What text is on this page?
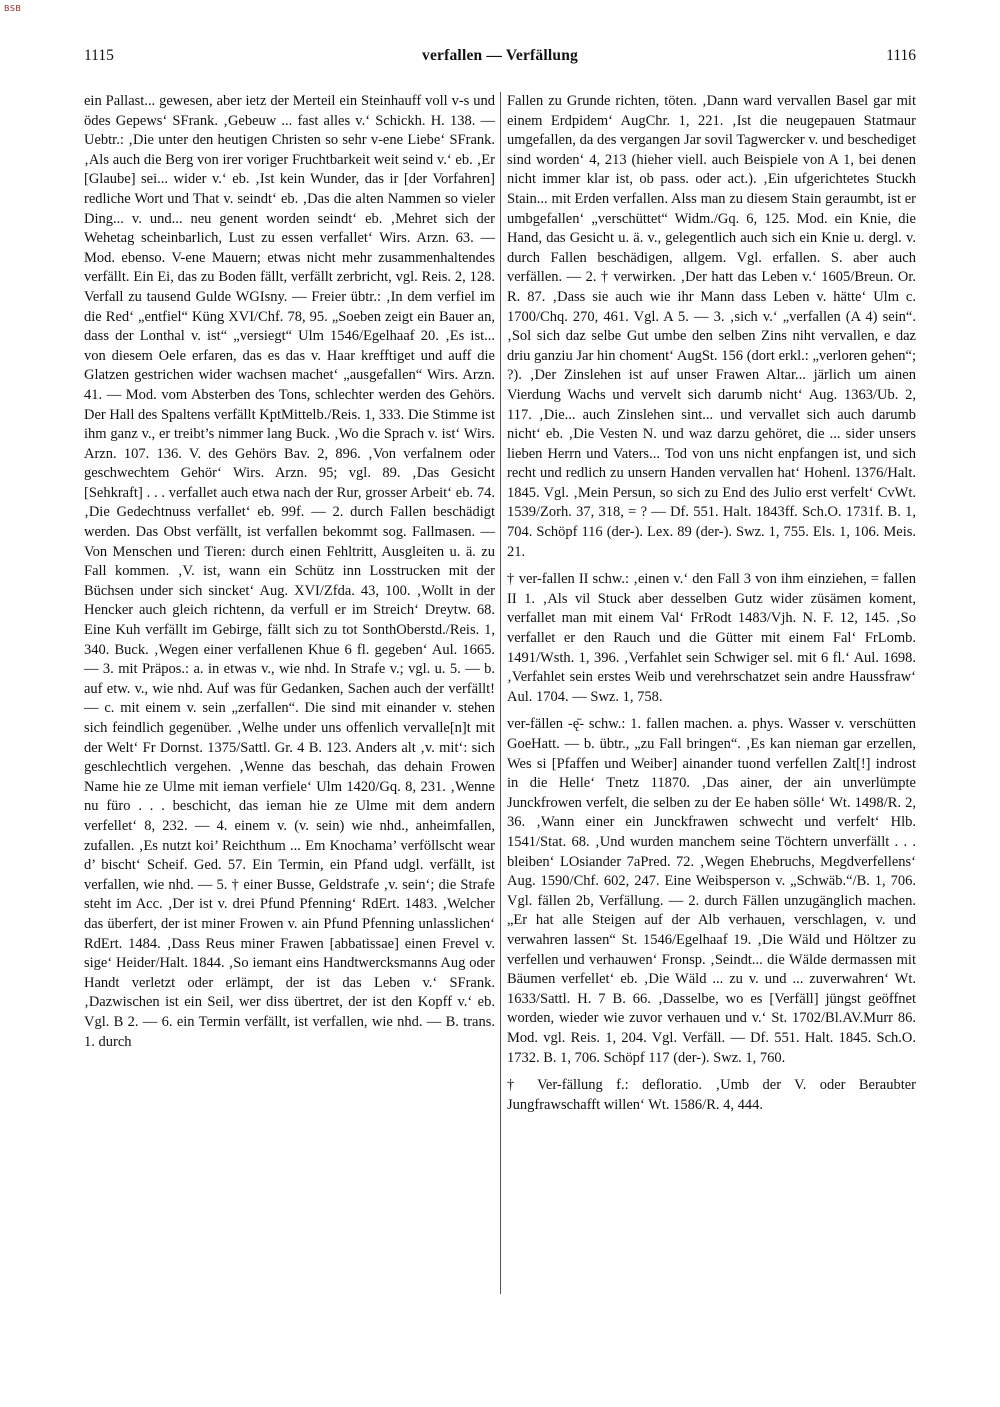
BSB
1115	verfallen — Verfällung	1116

ein Pallast... gewesen, aber ietz der Merteil ein Steinhauff voll v-s und ödes Gepews‘ SFrank. ‚Gebeuw ... fast alles v.‘ Schickh. H. 138. — Uebtr.: ‚Die unter den heutigen Christen so sehr v-ene Liebe‘ SFrank. ‚Als auch die Berg von irer voriger Fruchtbarkeit weit seind v.‘ eb. ‚Er [Glaube] sei... wider v.‘ eb. ‚Ist kein Wunder, das ir [der Vorfahren] redliche Wort und That v. seindt‘ eb. ‚Das die alten Nammen so vieler Ding... v. und... neu genent worden seindt‘ eb. ‚Mehret sich der Wehetag scheinbarlich, Lust zu essen verfallet‘ Wirs. Arzn. 63. — Mod. ebenso. V-ene Mauern; etwas nicht mehr zusammenhaltendes verfällt. Ein Ei, das zu Boden fällt, verfällt zerbricht, vgl. Reis. 2, 128. Verfall zu tausend Gulde WGIsny. — Freier übtr.: ‚In dem verfiel im die Red‘ „entfiel“ Küng XVI/Chf. 78, 95. „Soeben zeigt ein Bauer an, dass der Lonthal v. ist“ „versiegt“ Ulm 1546/Egelhaaf 20. ‚Es ist... von diesem Oele erfaren, das es das v. Haar krefftiget und auff die Glatzen gestrichen wider wachsen machet‘ „ausgefallen“ Wirs. Arzn. 41. — Mod. vom Absterben des Tons, schlechter werden des Gehörs. Der Hall des Spaltens verfällt KptMittelb./Reis. 1, 333. Die Stimme ist ihm ganz v., er treibt’s nimmer lang Buck. ‚Wo die Sprach v. ist‘ Wirs. Arzn. 107. 136. V. des Gehörs Bav. 2, 896. ‚Von verfalnem oder geschwechtem Gehör‘ Wirs. Arzn. 95; vgl. 89. ‚Das Gesicht [Sehkraft] . . . verfallet auch etwa nach der Rur, grosser Arbeit‘ eb. 74. ‚Die Gedechtnuss verfallet‘ eb. 99f. — 2. durch Fallen beschädigt werden. Das Obst verfällt, ist verfallen bekommt sog. Fallmasen. — Von Menschen und Tieren: durch einen Fehltritt, Ausgleiten u. ä. zu Fall kommen. ‚V. ist, wann ein Schütz inn Losstrucken mit der Büchsen under sich sincket‘ Aug. XVI/Zfda. 43, 100. ‚Wollt in der Hencker auch gleich richtenn, da verfull er im Streich‘ Dreytw. 68. Eine Kuh verfällt im Gebirge, fällt sich zu tot SonthOberstd./Reis. 1, 340. Buck. ‚Wegen einer verfallenen Khue 6 fl. gegeben‘ Aul. 1665. — 3. mit Präpos.: a. in etwas v., wie nhd. In Strafe v.; vgl. u. 5. — b. auf etw. v., wie nhd. Auf was für Gedanken, Sachen auch der verfällt! — c. mit einem v. sein „zerfallen“. Die sind mit einander v. stehen sich feindlich gegenüber. ‚Welhe under uns offenlich vervalle[n]t mit der Welt‘ Fr Dornst. 1375/Sattl. Gr. 4 B. 123. Anders alt ‚v. mit‘: sich geschlechtlich vergehen. ‚Wenne das beschah, das dehain Frowen Name hie ze Ulme mit ieman verfiele‘ Ulm 1420/Gq. 8, 231. ‚Wenne nu füro . . . beschicht, das ieman hie ze Ulme mit dem andern verfellet‘ 8, 232. — 4. einem v. (v. sein) wie nhd., anheimfallen, zufallen. ‚Es nutzt koi’ Reichthum ... Em Knochama’ verföllscht wear d’ bischt‘ Scheif. Ged. 57. Ein Termin, ein Pfand udgl. verfällt, ist verfallen, wie nhd. — 5. † einer Busse, Geldstrafe ‚v. sein‘; die Strafe steht im Acc. ‚Der ist v. drei Pfund Pfenning‘ RdErt. 1483. ‚Welcher das überfert, der ist miner Frowen v. ain Pfund Pfenning unlasslichen‘ RdErt. 1484. ‚Dass Reus miner Frawen [abbatissae] einen Frevel v. sige‘ Heider/Halt. 1844. ‚So iemant eins Handtwercksmanns Aug oder Handt verletzt oder erlämpt, der ist das Leben v.‘ SFrank. ‚Dazwischen ist ein Seil, wer diss übertret, der ist den Kopff v.‘ eb. Vgl. B 2. — 6. ein Termin verfällt, ist verfallen, wie nhd. — B. trans. 1. durch

Fallen zu Grunde richten, töten. ‚Dann ward vervallen Basel gar mit einem Erdpidem‘ AugChr. 1, 221. ‚Ist die neugepauen Statmaur umgefallen, da des vergangen Jar sovil Tagwercker v. und beschediget sind worden‘ 4, 213 (hieher viell. auch Beispiele von A 1, bei denen nicht immer klar ist, ob pass. oder act.). ‚Ein ufgerichtetes Stuckh Stain... mit Erden verfallen. Alss man zu diesem Stain geraumbt, ist er umbgefallen‘ „verschüttet“ Widm./Gq. 6, 125. Mod. ein Knie, die Hand, das Gesicht u. ä. v., gelegentlich auch sich ein Knie u. dergl. v. durch Fallen beschädigen, allgem. Vgl. erfallen. S. aber auch verfällen. — 2. † verwirken. ‚Der hatt das Leben v.‘ 1605/Breun. Or. R. 87. ‚Dass sie auch wie ihr Mann dass Leben v. hätte‘ Ulm c. 1700/Chq. 270, 461. Vgl. A 5. — 3. ‚sich v.‘ „verfallen (A 4) sein“. ‚Sol sich daz selbe Gut umbe den selben Zins niht vervallen, e daz driu ganziu Jar hin choment‘ AugSt. 156 (dort erkl.: „verloren gehen“; ?). ‚Der Zinslehen ist auf unser Frawen Altar... järlich um ainen Vierdung Wachs und vervelt sich darumb nicht‘ Aug. 1363/Ub. 2, 117. ‚Die... auch Zinslehen sint... und vervallet sich auch darumb nicht‘ eb. ‚Die Vesten N. und waz darzu gehöret, die ... sider unsers lieben Herrn und Vaters... Tod von uns nicht enpfangen ist, und sich recht und redlich zu unsern Handen vervallen hat‘ Hohenl. 1376/Halt. 1845. Vgl. ‚Mein Persun, so sich zu End des Julio erst verfelt‘ CvWt. 1539/Zorh. 37, 318, = ? — Df. 551. Halt. 1843ff. Sch.O. 1731f. B. 1, 704. Schöpf 116 (der-). Lex. 89 (der-). Swz. 1, 755. Els. 1, 106. Meis. 21.

† ver-fallen II schw.: ‚einen v.‘ den Fall 3 von ihm einziehen, = fallen II 1. ‚Als vil Stuck aber desselben Gutz wider züsämen koment, verfallet man mit einem Val‘ FrRodt 1483/Vjh. N. F. 12, 145. ‚So verfallet er den Rauch und die Gütter mit einem Fal‘ FrLomb. 1491/Wsth. 1, 396. ‚Verfahlet sein Schwiger sel. mit 6 fl.‘ Aul. 1698. ‚Verfahlet sein erstes Weib und verehrschatzet sein andre Haussfraw‘ Aul. 1704. — Swz. 1, 758.

ver-fällen -ę̄- schw.: 1. fallen machen. a. phys. Wasser v. verschütten GoeHatt. — b. übtr., „zu Fall bringen“. ‚Es kan nieman gar erzellen, Wes si [Pfaffen und Weiber] ainander tuond verfellen Zalt[!] indrost in die Helle‘ Tnetz 11870. ‚Das ainer, der ain unverlümpte Junckfrowen verfelt, die selben zu der Ee haben sölle‘ Wt. 1498/R. 2, 36. ‚Wann einer ein Junckfrawen schwecht und verfelt‘ Hlb. 1541/Stat. 68. ‚Und wurden manchem seine Töchtern unverfällt . . . bleiben‘ LOsiander 7aPred. 72. ‚Wegen Ehebruchs, Megdverfellens‘ Aug. 1590/Chf. 602, 247. Eine Weibsperson v. „Schwäb.“/B. 1, 706. Vgl. fällen 2b, Verfällung. — 2. durch Fällen unzugänglich machen. „Er hat alle Steigen auf der Alb verhauen, verschlagen, v. und verwahren lassen“ St. 1546/Egelhaaf 19. ‚Die Wäld und Höltzer zu verfellen und verhauwen‘ Fronsp. ‚Seindt... die Wälde dermassen mit Bäumen verfellet‘ eb. ‚Die Wäld ... zu v. und ... zuverwahren‘ Wt. 1633/Sattl. H. 7 B. 66. ‚Dasselbe, wo es [Verfäll] jüngst geöffnet worden, wieder wie zuvor verhauen und v.‘ St. 1702/Bl.AV.Murr 86. Mod. vgl. Reis. 1, 204. Vgl. Verfäll. — Df. 551. Halt. 1845. Sch.O. 1732. B. 1, 706. Schöpf 117 (der-). Swz. 1, 760.

† Ver-fällung f.: defloratio. ‚Umb der V. oder Beraubter Jungfrawschafft willen‘ Wt. 1586/R. 4, 444.
